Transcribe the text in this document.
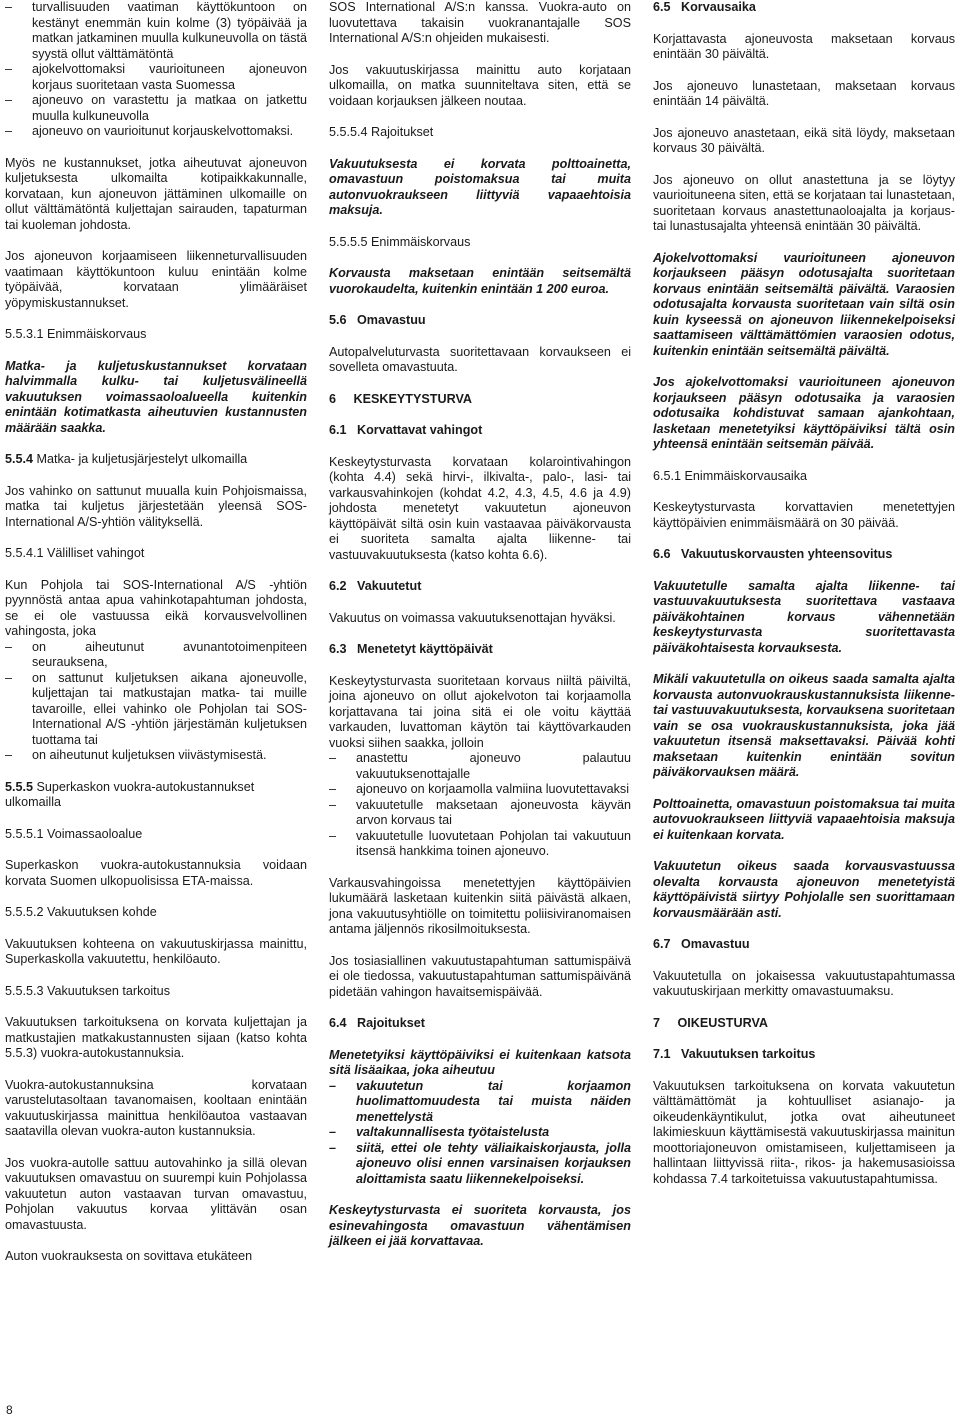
– turvallisuuden vaatiman käyttökuntoon on kestänyt enemmän kuin kolme (3) työpäivää ja matkan jatkaminen muulla kulkuneuvolla on tästä syystä ollut välttämätöntä
– ajokelvottomaksi vaurioituneen ajoneuvon korjaus suoritetaan vasta Suomessa
– ajoneuvo on varastettu ja matkaa on jatkettu muulla kulkuneuvolla
– ajoneuvo on vaurioitunut korjauskelvottomaksi.
Myös ne kustannukset, jotka aiheutuvat ajoneuvon kuljetuksesta ulkomailta kotipaikkakunnalle, korvataan, kun ajoneuvon jättäminen ulkomaille on ollut välttämätöntä kuljettajan sairauden, tapaturman tai kuoleman johdosta.
Jos ajoneuvon korjaamiseen liikenneturvallisuuden vaatimaan käyttökuntoon kuluu enintään kolme työpäivää, korvataan ylimääräiset yöpymiskustannukset.
5.5.3.1 Enimmäiskorvaus
Matka- ja kuljetuskustannukset korvataan halvimmalla kulku- tai kuljetusvälineellä vakuutuksen voimassaoloalueella kuitenkin enintään kotimatkasta aiheutuvien kustannusten määrään saakka.
5.5.4 Matka- ja kuljetusjärjestelyt ulkomailla
Jos vahinko on sattunut muualla kuin Pohjoismaissa, matka tai kuljetus järjestetään yleensä SOS-International A/S-yhtiön välityksellä.
5.5.4.1 Välilliset vahingot
Kun Pohjola tai SOS-International A/S -yhtiön pyynnöstä antaa apua vahinkotapahtuman johdosta, se ei ole vastuussa eikä korvausvelvollinen vahingosta, joka
– on aiheutunut avunantotoimenpiteen seurauksena,
– on sattunut kuljetuksen aikana ajoneuvolle, kuljettajan tai matkustajan matka- tai muille tavaroille, ellei vahinko ole Pohjolan tai SOS-International A/S -yhtiön järjestämän kuljetuksen tuottama tai
– on aiheutunut kuljetuksen viivästymisestä.
5.5.5 Superkaskon vuokra-autokustannukset ulkomailla
5.5.5.1 Voimassaoloalue
Superkaskon vuokra-autokustannuksia voidaan korvata Suomen ulkopuolisissa ETA-maissa.
5.5.5.2 Vakuutuksen kohde
Vakuutuksen kohteena on vakuutuskirjassa mainittu, Superkaskolla vakuutettu, henkilöauto.
5.5.5.3 Vakuutuksen tarkoitus
Vakuutuksen tarkoituksena on korvata kuljettajan ja matkustajien matkakustannusten sijaan (katso kohta 5.5.3) vuokra-autokustannuksia.
Vuokra-autokustannuksina korvataan varustelutasoltaan tavanomaisen, kooltaan enintään vakuutuskirjassa mainittua henkilöautoa vastaavan saatavilla olevan vuokra-auton kustannuksia.
Jos vuokra-autolle sattuu autovahinko ja sillä olevan vakuutuksen omavastuu on suurempi kuin Pohjolassa vakuutetun auton vastaavan turvan omavastuu, Pohjolan vakuutus korvaa ylittävän osan omavastuusta.
Auton vuokrauksesta on sovittava etukäteen
SOS International A/S:n kanssa. Vuokra-auto on luovutettava takaisin vuokranantajalle SOS International A/S:n ohjeiden mukaisesti.
Jos vakuutuskirjassa mainittu auto korjataan ulkomailla, on matka suunniteltava siten, että se voidaan korjauksen jälkeen noutaa.
5.5.5.4 Rajoitukset
Vakuutuksesta ei korvata polttoainetta, omavastuun poistomaksua tai muita autonvuokraukseen liittyviä vapaaehtoisia maksuja.
5.5.5.5 Enimmäiskorvaus
Korvausta maksetaan enintään seitsemältä vuorokaudelta, kuitenkin enintään 1 200 euroa.
5.6   Omavastuu
Autopalveluturvasta suoritettavaan korvaukseen ei sovelleta omavastuuta.
6     KESKEYTYSTURVA
6.1   Korvattavat vahingot
Keskeytysturvasta korvataan kolarointivahingon (kohta 4.4) sekä hirvi-, ilkivalta-, palo-, lasi- tai varkausvahinkojen (kohdat 4.2, 4.3, 4.5, 4.6 ja 4.9) johdosta menetetyt vakuutetun ajoneuvon käyttöpäivät siltä osin kuin vastaavaa päiväkorvausta ei suoriteta samalta ajalta liikenne- tai vastuuvakuutuksesta (katso kohta 6.6).
6.2   Vakuutetut
Vakuutus on voimassa vakuutuksenottajan hyväksi.
6.3   Menetetyt käyttöpäivät
Keskeytysturvasta suoritetaan korvaus niiltä päiviltä, joina ajoneuvo on ollut ajokelvoton tai korjaamolla korjattavana tai joina sitä ei ole voitu käyttää varkauden, luvattoman käytön tai käyttövarkauden vuoksi siihen saakka, jolloin
– anastettu ajoneuvo palautuu vakuutuksenottajalle
– ajoneuvo on korjaamolla valmiina luovutettavaksi
– vakuutetulle maksetaan ajoneuvosta käyvän arvon korvaus tai
– vakuutetulle luovutetaan Pohjolan tai vakuutuun itsensä hankkima toinen ajoneuvo.
Varkausvahingoissa menetettyjen käyttöpäivien lukumäärä lasketaan kuitenkin siitä päivästä alkaen, jona vakuutusyhtiölle on toimitettu poliisiviranomaisen antama jäljennös rikosilmoituksesta.
Jos tosiasiallinen vakuutustapahtuman sattumispäivä ei ole tiedossa, vakuutustapahtuman sattumispäivänä pidetään vahingon havaitsemispäivää.
6.4   Rajoitukset
Menetetyiksi käyttöpäiviksi ei kuitenkaan katsota sitä lisäaikaa, joka aiheutuu
– vakuutetun tai korjaamon huolimattomuudesta tai muista näiden menettelystä
– valtakunnallisesta työtaistelusta
– siitä, ettei ole tehty väliaikaiskorjausta, jolla ajoneuvo olisi ennen varsinaisen korjauksen aloittamista saatu liikennekelpoiseksi.
Keskeytysturvasta ei suoriteta korvausta, jos esinevahingosta omavastuun vähentämisen jälkeen ei jää korvattavaa.
6.5   Korvausaika
Korjattavasta ajoneuvosta maksetaan korvaus enintään 30 päivältä.
Jos ajoneuvo lunastetaan, maksetaan korvaus enintään 14 päivältä.
Jos ajoneuvo anastetaan, eikä sitä löydy, maksetaan korvaus 30 päivältä.
Jos ajoneuvo on ollut anastettuna ja se löytyy vaurioituneena siten, että se korjataan tai lunastetaan, suoritetaan korvaus anastettunaoloajalta ja korjaus- tai lunastusajalta yhteensä enintään 30 päivältä.
Ajokelvottomaksi vaurioituneen ajoneuvon korjaukseen pääsyn odotusajalta suoritetaan korvaus enintään seitsemältä päivältä. Varaosien odotusajalta korvausta suoritetaan vain siltä osin kuin kyseessä on ajoneuvon liikennekelpoiseksi saattamiseen välttämättömien varaosien odotus, kuitenkin enintään seitsemältä päivältä.
Jos ajokelvottomaksi vaurioituneen ajoneuvon korjaukseen pääsyn odotusaika ja varaosien odotusaika kohdistuvat samaan ajankohtaan, lasketaan menetetyiksi käyttöpäiviksi tältä osin yhteensä enintään seitsemän päivää.
6.5.1 Enimmäiskorvausaika
Keskeytysturvasta korvattavien menetettyjen käyttöpäivien enimmäismäärä on 30 päivää.
6.6   Vakuutuskorvausten yhteensovitus
Vakuutetulle samalta ajalta liikenne- tai vastuuvakuutuksesta suoritettava vastaava päiväkohtainen korvaus vähennetään keskeytysturvasta suoritettavasta päiväkohtaisesta korvauksesta.
Mikäli vakuutetulla on oikeus saada samalta ajalta korvausta autonvuokrauskustannuksista liikenne- tai vastuuvakuutuksesta, korvauksena suoritetaan vain se osa vuokrauskustannuksista, joka jää vakuutetun itsensä maksettavaksi. Päivää kohti maksetaan kuitenkin enintään sovitun päiväkorvauksen määrä.
Polttoainetta, omavastuun poistomaksua tai muita autovuokraukseen liittyviä vapaaehtoisia maksuja ei kuitenkaan korvata.
Vakuutetun oikeus saada korvausvastuussa olevalta korvausta ajoneuvon menetetyistä käyttöpäivistä siirtyy Pohjolalle sen suorittamaan korvausmäärään asti.
6.7   Omavastuu
Vakuutetulla on jokaisessa vakuutustapahtumassa vakuutuskirjaan merkitty omavastuumaksu.
7     OIKEUSTURVA
7.1   Vakuutuksen tarkoitus
Vakuutuksen tarkoituksena on korvata vakuutetun välttämättömät ja kohtuulliset asianajo- ja oikeudenkäyntikulut, jotka ovat aiheutuneet lakimieskuun käyttämisestä vakuutuskirjassa mainitun moottoriajoneuvon omistamiseen, kuljettamiseen ja hallintaan liittyvissä riita-, rikos- ja hakemusasioissa kohdassa 7.4 tarkoitetuissa vakuutustapahtumissa.
8
